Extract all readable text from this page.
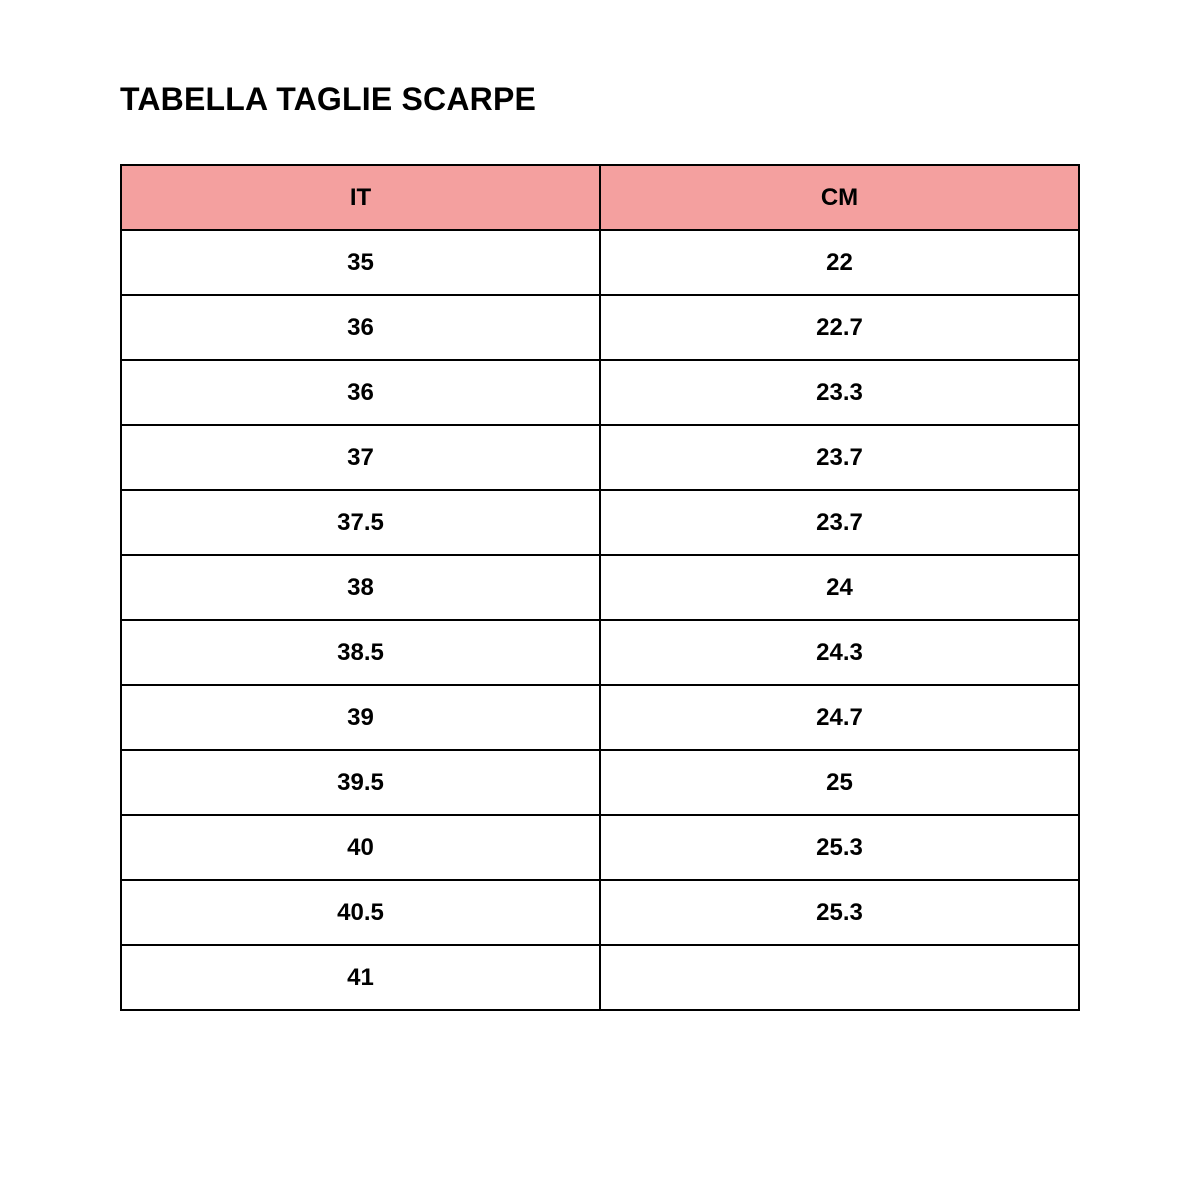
TABELLA TAGLIE SCARPE
IT	CM
35	22
36	22.7
36	23.3
37	23.7
37.5	23.7
38	24
38.5	24.3
39	24.7
39.5	25
40	25.3
40.5	25.3
41	
